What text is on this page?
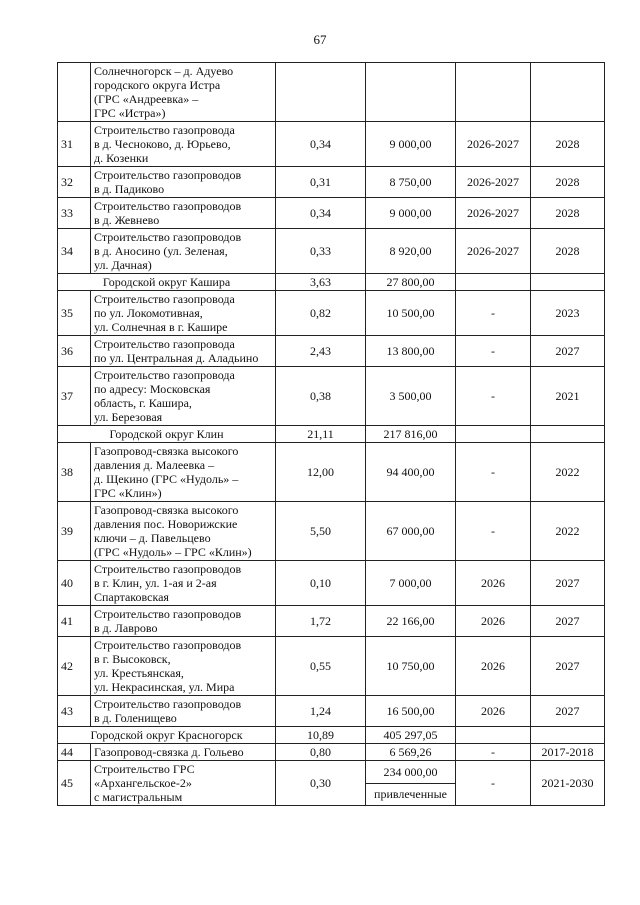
67

	Солнечногорск – д. Адуево
городского округа Истра
(ГРС «Андреевка» –
ГРС «Истра»)				

31	Строительство газопровода
в д. Чесноково, д. Юрьево,
д. Козенки	0,34	9 000,00	2026-2027	2028
32	Строительство газопроводов
в д. Падиково	0,31	8 750,00	2026-2027	2028
33	Строительство газопроводов
в д. Жевнево	0,34	9 000,00	2026-2027	2028
34	Строительство газопроводов
в д. Аносино (ул. Зеленая,
ул. Дачная)	0,33	8 920,00	2026-2027	2028
Городской округ Кашира		3,63	27 800,00		
35	Строительство газопровода
по ул. Локомотивная,
ул. Солнечная в г. Кашире	0,82	10 500,00	-	2023
36	Строительство газопровода
по ул. Центральная д. Аладьино	2,43	13 800,00	-	2027
37	Строительство газопровода
по адресу: Московская
область, г. Кашира,
ул. Березовая	0,38	3 500,00	-	2021
Городской округ Клин		21,11	217 816,00		
38	Газопровод-связка высокого
давления д. Малеевка –
д. Щекино (ГРС «Нудоль» –
ГРС «Клин»)	12,00	94 400,00	-	2022
39	Газопровод-связка высокого
давления пос. Новорижские
ключи – д. Павельцево
(ГРС «Нудоль» – ГРС «Клин»)	5,50	67 000,00	-	2022
40	Строительство газопроводов
в г. Клин, ул. 1-ая и 2-ая
Спартаковская	0,10	7 000,00	2026	2027
41	Строительство газопроводов
в д. Лаврово	1,72	22 166,00	2026	2027
42	Строительство газопроводов
в г. Высоковск,
ул. Крестьянская,
ул. Некрасинская, ул. Мира	0,55	10 750,00	2026	2027
43	Строительство газопроводов
в д. Голенищево	1,24	16 500,00	2026	2027
Городской округ Красногорск		10,89	405 297,05		
44	Газопровод-связка д. Гольево	0,80	6 569,26	-	2017-2018
45	Строительство ГРС
«Архангельское-2»
с магистральным	0,30	234 000,00	-	2021-2030
			привлеченные		
